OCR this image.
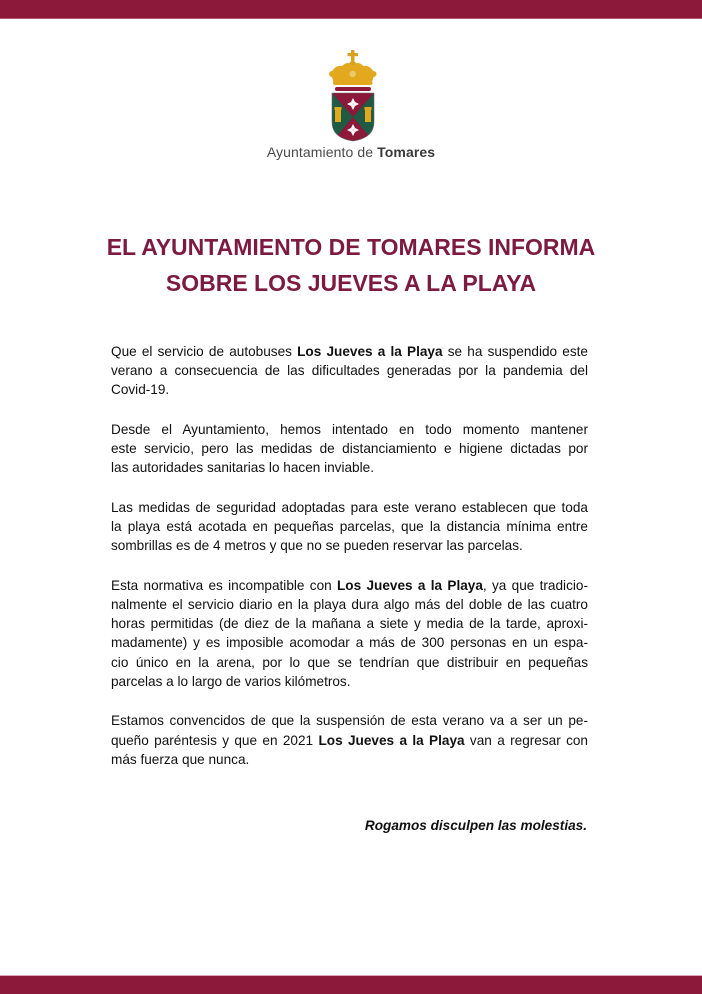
Ayuntamiento de Tomares
EL AYUNTAMIENTO DE TOMARES INFORMA
SOBRE LOS JUEVES A LA PLAYA
Que el servicio de autobuses Los Jueves a la Playa se ha suspendido este
verano a consecuencia de las dificultades generadas por la pandemia del
Covid-19.
Desde el Ayuntamiento, hemos intentado en todo momento mantener
este servicio, pero las medidas de distanciamiento e higiene dictadas por
las autoridades sanitarias lo hacen inviable.
Las medidas de seguridad adoptadas para este verano establecen que toda
la playa está acotada en pequeñas parcelas, que la distancia mínima entre
sombrillas es de 4 metros y que no se pueden reservar las parcelas.
Esta normativa es incompatible con Los Jueves a la Playa, ya que tradicio-
nalmente el servicio diario en la playa dura algo más del doble de las cuatro
horas permitidas (de diez de la mañana a siete y media de la tarde, aproxi-
madamente) y es imposible acomodar a más de 300 personas en un espa-
cio único en la arena, por lo que se tendrían que distribuir en pequeñas
parcelas a lo largo de varios kilómetros.
Estamos convencidos de que la suspensión de esta verano va a ser un pe-
queño paréntesis y que en 2021 Los Jueves a la Playa van a regresar con
más fuerza que nunca.
Rogamos disculpen las molestias.
